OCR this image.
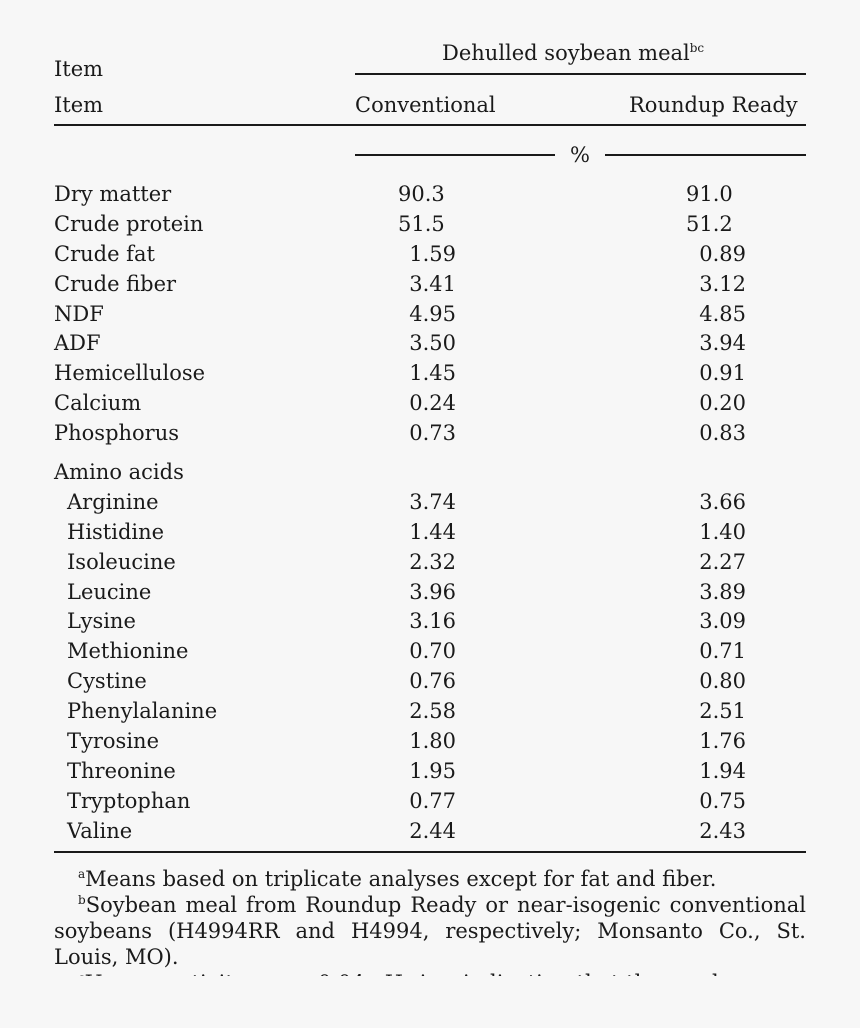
Item
Dehulled soybean meal$^{bc}$
Item	Conventional	Roundup Ready
%
Dry matter	90.3	91.0
Crude protein	51.5	51.2
Crude fat	1.59	0.89
Crude fiber	3.41	3.12
NDF	4.95	4.85
ADF	3.50	3.94
Hemicellulose	1.45	0.91
Calcium	0.24	0.20
Phosphorus	0.73	0.83
Amino acids
Arginine	3.74	3.66
Histidine	1.44	1.40
Isoleucine	2.32	2.27
Leucine	3.96	3.89
Lysine	3.16	3.09
Methionine	0.70	0.71
Cystine	0.76	0.80
Phenylalanine	2.58	2.51
Tyrosine	1.80	1.76
Threonine	1.95	1.94
Tryptophan	0.77	0.75
Valine	2.44	2.43

$^a$Means based on triplicate analyses except for fat and fiber.

$^b$Soybean meal from Roundup Ready or near-isogenic conventional soybeans (H4994RR and H4994, respectively; Monsanto Co., St. Louis, MO).
